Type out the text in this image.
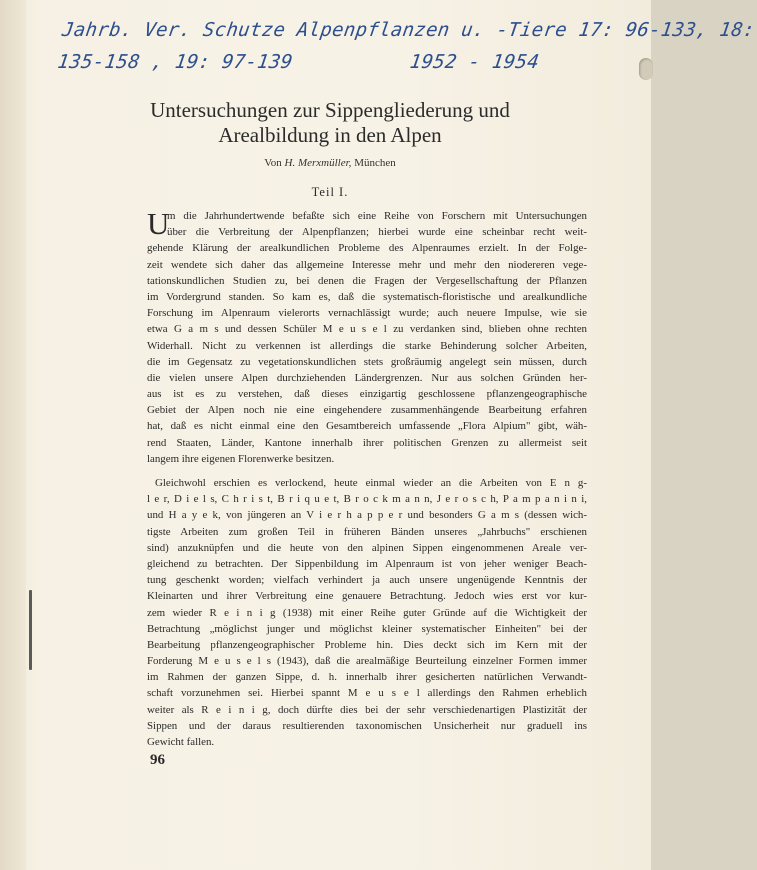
Jahrb. Ver. Schutze Alpenpflanzen u. -Tiere 17: 96-133, 18:
135-158 , 19: 97-139          1952 - 1954
Untersuchungen zur Sippengliederung und
Arealbildung in den Alpen
Von H. Merxmüller, München
Teil I.
U
m die Jahrhundertwende befaßte sich eine Reihe von Forschern mit Untersuchungen
über die Verbreitung der Alpenpflanzen; hierbei wurde eine scheinbar recht weit-
gehende Klärung der arealkundlichen Probleme des Alpenraumes erzielt. In der Folge-
zeit wendete sich daher das allgemeine Interesse mehr und mehr den niodereren vege-
tationskundlichen Studien zu, bei denen die Fragen der Vergesellschaftung der Pflanzen
im Vordergrund standen. So kam es, daß die systematisch-floristische und arealkundliche
Forschung im Alpenraum vielerorts vernachlässigt wurde; auch neuere Impulse, wie sie
etwa G a m s und dessen Schüler M e u s e l zu verdanken sind, blieben ohne rechten
Widerhall. Nicht zu verkennen ist allerdings die starke Behinderung solcher Arbeiten,
die im Gegensatz zu vegetationskundlichen stets großräumig angelegt sein müssen, durch
die vielen unsere Alpen durchziehenden Ländergrenzen. Nur aus solchen Gründen her-
aus ist es zu verstehen, daß dieses einzigartig geschlossene pflanzengeographische
Gebiet der Alpen noch nie eine eingehendere zusammenhängende Bearbeitung erfahren
hat, daß es nicht einmal eine den Gesamtbereich umfassende „Flora Alpium" gibt, wäh-
rend Staaten, Länder, Kantone innerhalb ihrer politischen Grenzen zu allermeist seit
langem ihre eigenen Florenwerke besitzen.
Gleichwohl erschien es verlockend, heute einmal wieder an die Arbeiten von E n g-
l e r, D i e l s, C h r i s t, B r i q u e t, B r o c k m a n n, J e r o s c h, P a m p a n i n i,
und H a y e k, von jüngeren an V i e r h a p p e r und besonders G a m s (dessen wich-
tigste Arbeiten zum großen Teil in früheren Bänden unseres „Jahrbuchs" erschienen
sind) anzuknüpfen und die heute von den alpinen Sippen eingenommenen Areale ver-
gleichend zu betrachten. Der Sippenbildung im Alpenraum ist von jeher weniger Beach-
tung geschenkt worden; vielfach verhindert ja auch unsere ungenügende Kenntnis der
Kleinarten und ihrer Verbreitung eine genauere Betrachtung. Jedoch wies erst vor kur-
zem wieder R e i n i g (1938) mit einer Reihe guter Gründe auf die Wichtigkeit der
Betrachtung „möglichst junger und möglichst kleiner systematischer Einheiten" bei der
Bearbeitung pflanzengeographischer Probleme hin. Dies deckt sich im Kern mit der
Forderung M e u s e l s (1943), daß die arealmäßige Beurteilung einzelner Formen immer
im Rahmen der ganzen Sippe, d. h. innerhalb ihrer gesicherten natürlichen Verwandt-
schaft vorzunehmen sei. Hierbei spannt M e u s e l allerdings den Rahmen erheblich
weiter als R e i n i g, doch dürfte dies bei der sehr verschiedenartigen Plastizität der
Sippen und der daraus resultierenden taxonomischen Unsicherheit nur graduell ins
Gewicht fallen.
96
